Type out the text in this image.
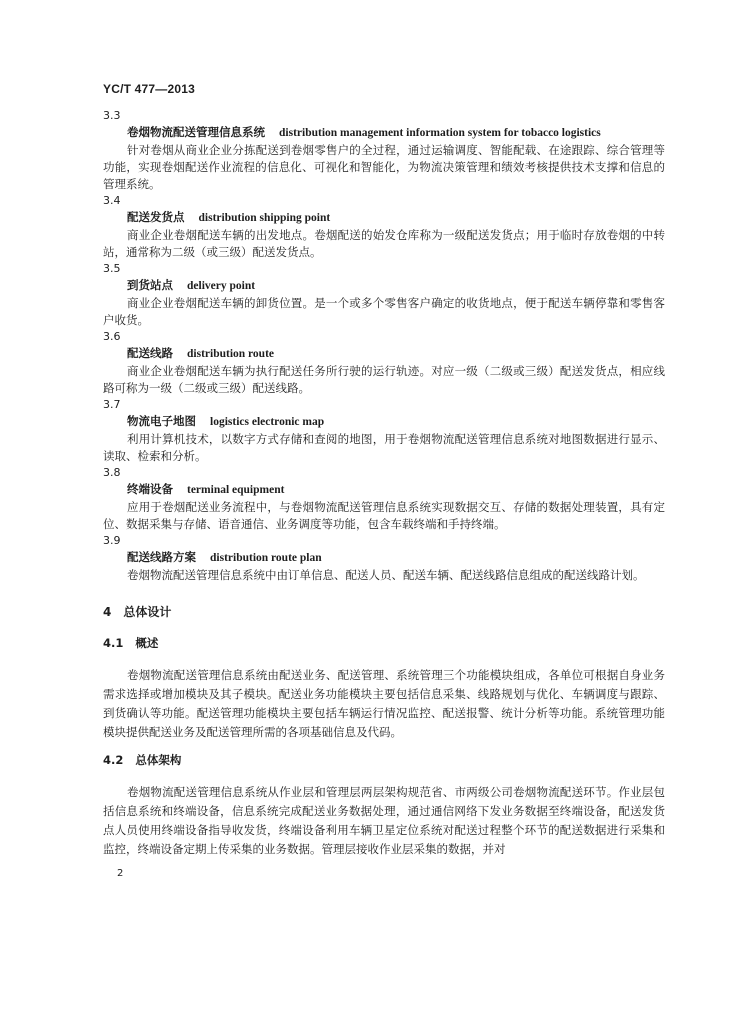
YC/T 477—2013
3.3
卷烟物流配送管理信息系统 distribution management information system for tobacco logistics

针对卷烟从商业企业分拣配送到卷烟零售户的全过程，通过运输调度、智能配载、在途跟踪、综合管理等功能，实现卷烟配送作业流程的信息化、可视化和智能化，为物流决策管理和绩效考核提供技术支撑和信息的管理系统。

3.4
配送发货点 distribution shipping point

商业企业卷烟配送车辆的出发地点。卷烟配送的始发仓库称为一级配送发货点；用于临时存放卷烟的中转站，通常称为二级（或三级）配送发货点。

3.5
到货站点 delivery point

商业企业卷烟配送车辆的卸货位置。是一个或多个零售客户确定的收货地点，便于配送车辆停靠和零售客户收货。

3.6
配送线路 distribution route

商业企业卷烟配送车辆为执行配送任务所行驶的运行轨迹。对应一级（二级或三级）配送发货点，相应线路可称为一级（二级或三级）配送线路。

3.7
物流电子地图 logistics electronic map

利用计算机技术，以数字方式存储和查阅的地图，用于卷烟物流配送管理信息系统对地图数据进行显示、读取、检索和分析。

3.8
终端设备 terminal equipment

应用于卷烟配送业务流程中，与卷烟物流配送管理信息系统实现数据交互、存储的数据处理装置，具有定位、数据采集与存储、语音通信、业务调度等功能，包含车载终端和手持终端。

3.9
配送线路方案 distribution route plan

卷烟物流配送管理信息系统中由订单信息、配送人员、配送车辆、配送线路信息组成的配送线路计划。

4 总体设计
4.1 概述

卷烟物流配送管理信息系统由配送业务、配送管理、系统管理三个功能模块组成，各单位可根据自身业务需求选择或增加模块及其子模块。配送业务功能模块主要包括信息采集、线路规划与优化、车辆调度与跟踪、到货确认等功能。配送管理功能模块主要包括车辆运行情况监控、配送报警、统计分析等功能。系统管理功能模块提供配送业务及配送管理所需的各项基础信息及代码。

4.2 总体架构

卷烟物流配送管理信息系统从作业层和管理层两层架构规范省、市两级公司卷烟物流配送环节。作业层包括信息系统和终端设备，信息系统完成配送业务数据处理，通过通信网络下发业务数据至终端设备，配送发货点人员使用终端设备指导收发货，终端设备利用车辆卫星定位系统对配送过程整个环节的配送数据进行采集和监控，终端设备定期上传采集的业务数据。管理层接收作业层采集的数据，并对

2
